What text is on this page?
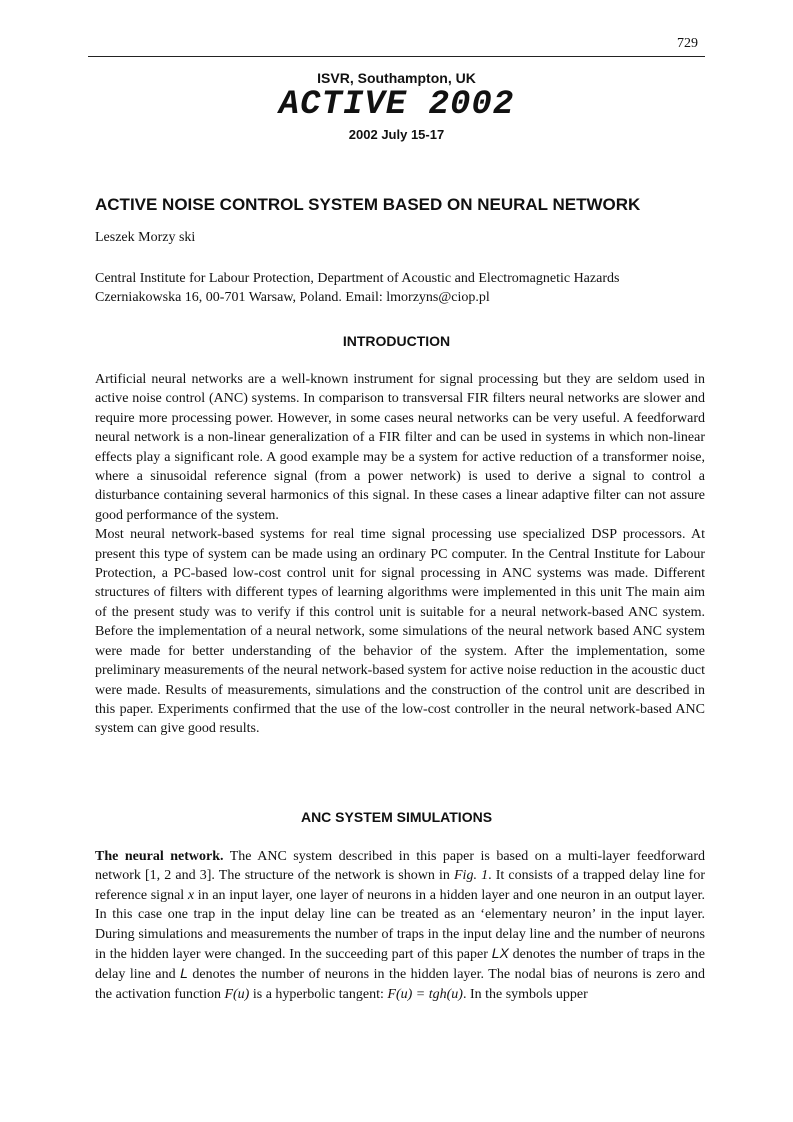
729
ISVR, Southampton, UK
ACTIVE 2002
2002 July 15-17
ACTIVE NOISE CONTROL SYSTEM BASED ON NEURAL NETWORK
Leszek Morzy ski
Central Institute for Labour Protection, Department of Acoustic and Electromagnetic Hazards
Czerniakowska 16, 00-701 Warsaw, Poland. Email: lmorzyns@ciop.pl
INTRODUCTION

Artificial neural networks are a well-known instrument for signal processing but they are seldom used in active noise control (ANC) systems. In comparison to transversal FIR filters neural networks are slower and require more processing power. However, in some cases neural networks can be very useful. A feedforward neural network is a non-linear generalization of a FIR filter and can be used in systems in which non-linear effects play a significant role. A good example may be a system for active reduction of a transformer noise, where a sinusoidal reference signal (from a power network) is used to derive a signal to control a disturbance containing several harmonics of this signal. In these cases a linear adaptive filter can not assure good performance of the system.

Most neural network-based systems for real time signal processing use specialized DSP processors. At present this type of system can be made using an ordinary PC computer. In the Central Institute for Labour Protection, a PC-based low-cost control unit for signal processing in ANC systems was made. Different structures of filters with different types of learning algorithms were implemented in this unit The main aim of the present study was to verify if this control unit is suitable for a neural network-based ANC system. Before the implementation of a neural network, some simulations of the neural network based ANC system were made for better understanding of the behavior of the system. After the implementation, some preliminary measurements of the neural network-based system for active noise reduction in the acoustic duct were made. Results of measurements, simulations and the construction of the control unit are described in this paper. Experiments confirmed that the use of the low-cost controller in the neural network-based ANC system can give good results.

ANC SYSTEM SIMULATIONS

The neural network. The ANC system described in this paper is based on a multi-layer feedforward network [1, 2 and 3]. The structure of the network is shown in Fig. 1. It consists of a trapped delay line for reference signal x in an input layer, one layer of neurons in a hidden layer and one neuron in an output layer. In this case one trap in the input delay line can be treated as an ‘elementary neuron’ in the input layer. During simulations and measurements the number of traps in the input delay line and the number of neurons in the hidden layer were changed. In the succeeding part of this paper LX denotes the number of traps in the delay line and L denotes the number of neurons in the hidden layer. The nodal bias of neurons is zero and the activation function F(u) is a hyperbolic tangent: F(u) = tgh(u). In the symbols upper
